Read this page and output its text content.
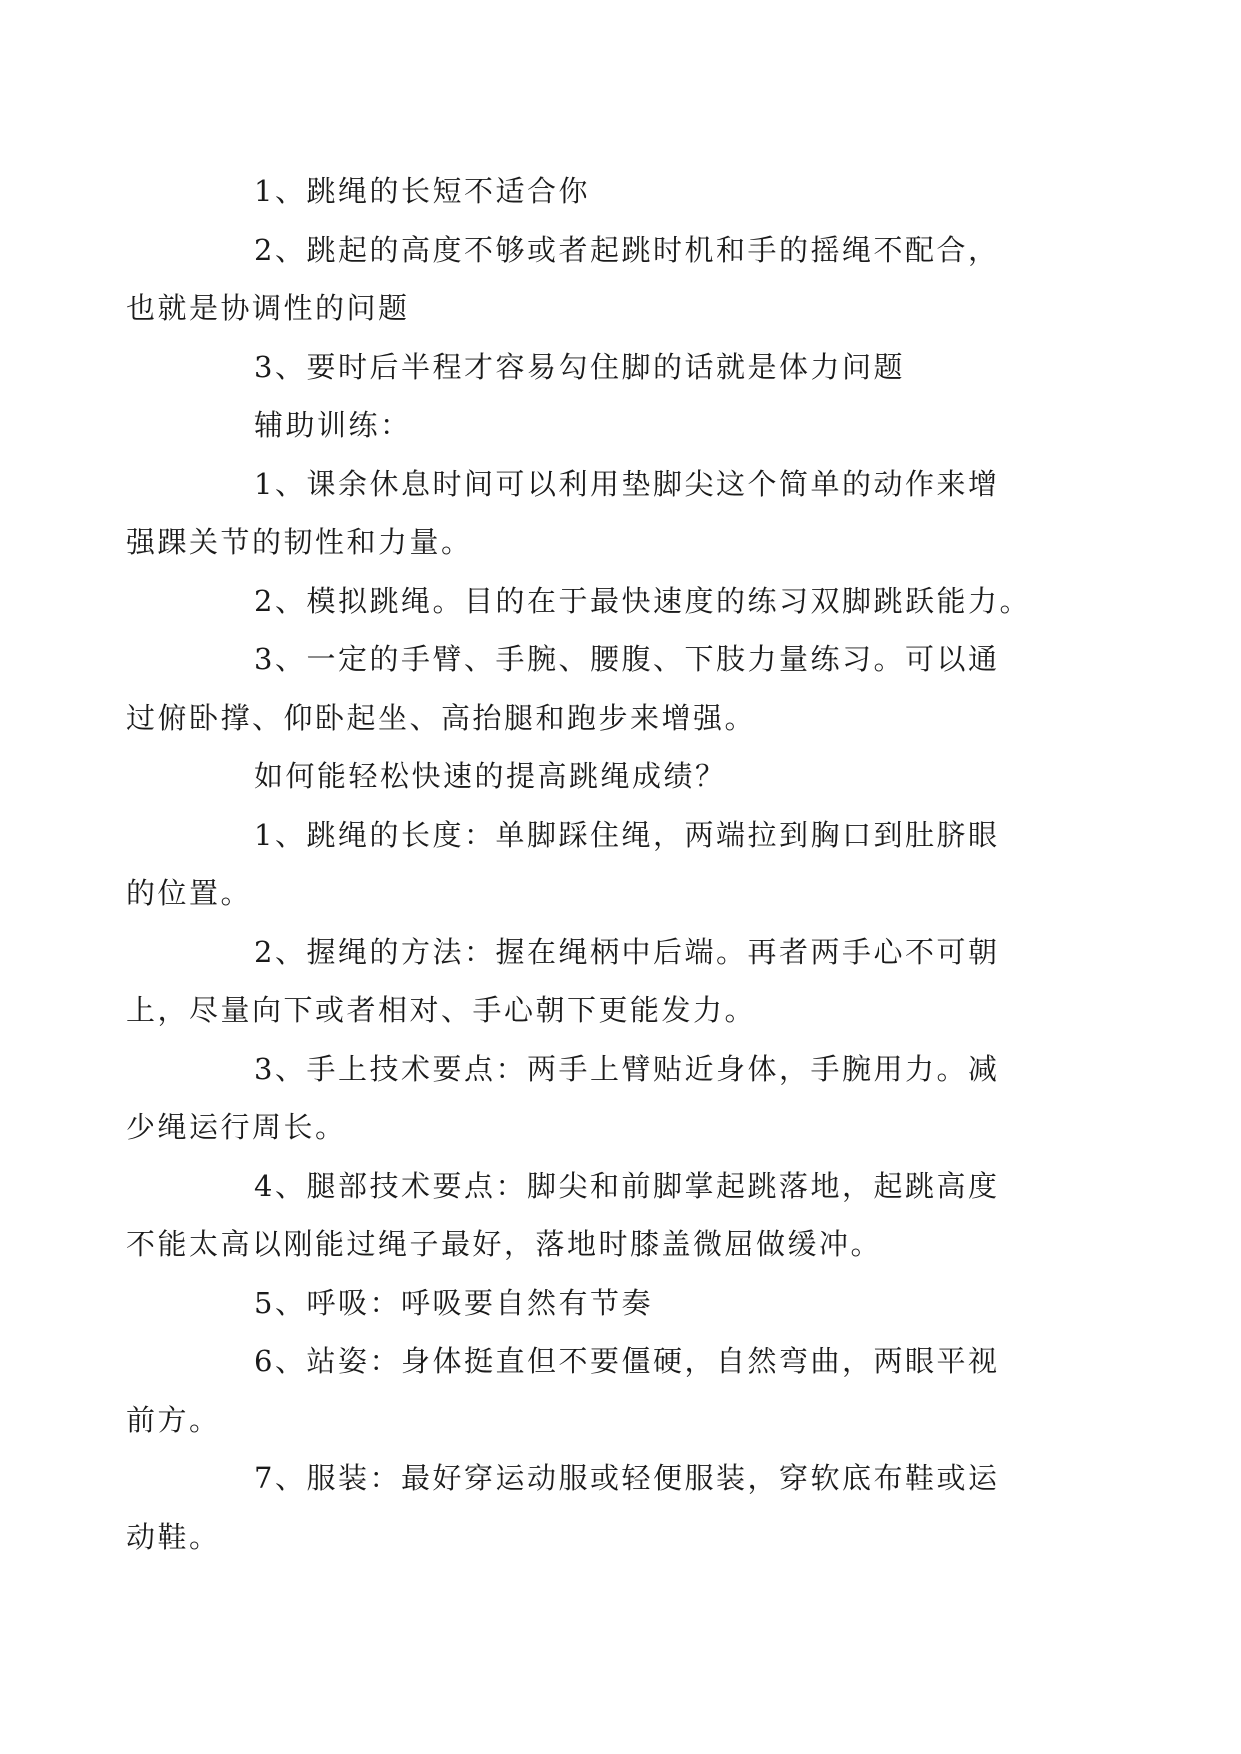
1、跳绳的长短不适合你

2、跳起的高度不够或者起跳时机和手的摇绳不配合，
也就是协调性的问题

3、要时后半程才容易勾住脚的话就是体力问题

辅助训练：

1、课余休息时间可以利用垫脚尖这个简单的动作来增
强踝关节的韧性和力量。

2、模拟跳绳。目的在于最快速度的练习双脚跳跃能力。

3、一定的手臂、手腕、腰腹、下肢力量练习。可以通
过俯卧撑、仰卧起坐、高抬腿和跑步来增强。

如何能轻松快速的提高跳绳成绩？

1、跳绳的长度：单脚踩住绳，两端拉到胸口到肚脐眼
的位置。

2、握绳的方法：握在绳柄中后端。再者两手心不可朝
上，尽量向下或者相对、手心朝下更能发力。

3、手上技术要点：两手上臂贴近身体，手腕用力。减
少绳运行周长。

4、腿部技术要点：脚尖和前脚掌起跳落地，起跳高度
不能太高以刚能过绳子最好，落地时膝盖微屈做缓冲。

5、呼吸：呼吸要自然有节奏

6、站姿：身体挺直但不要僵硬，自然弯曲，两眼平视
前方。

7、服装：最好穿运动服或轻便服装，穿软底布鞋或运
动鞋。
